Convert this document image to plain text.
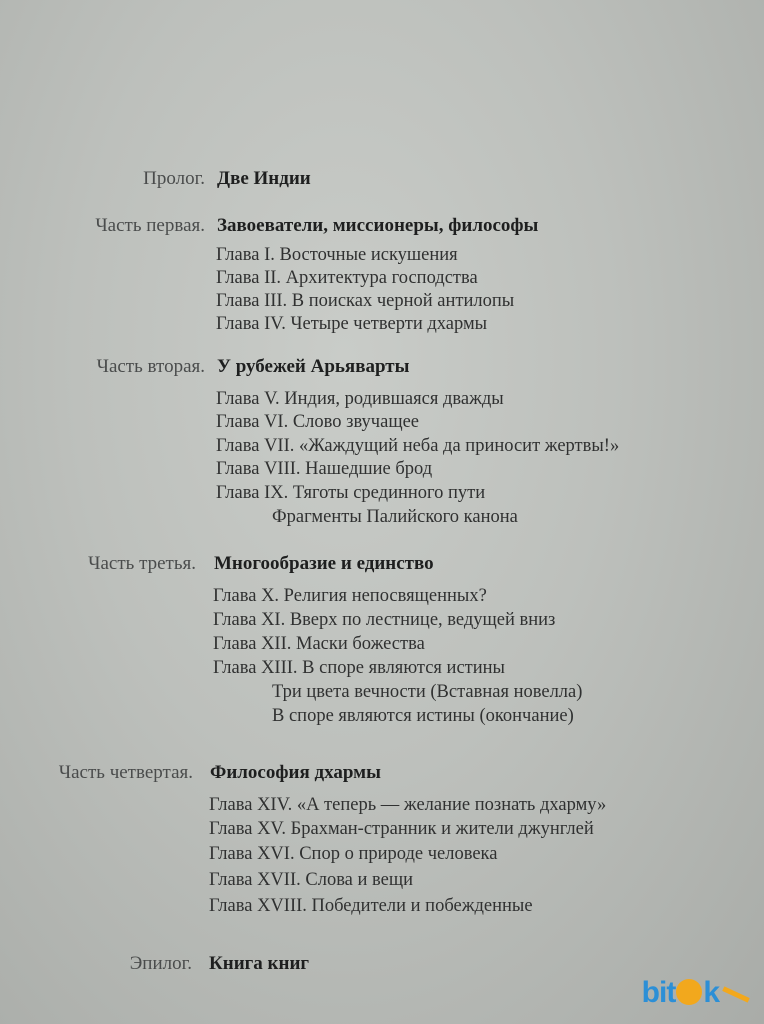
Пролог. Две Индии
Часть первая. Завоеватели, миссионеры, философы
Глава I. Восточные искушения
Глава II. Архитектура господства
Глава III. В поисках черной антилопы
Глава IV. Четыре четверти дхармы
Часть вторая. У рубежей Арьяварты
Глава V. Индия, родившаяся дважды
Глава VI. Слово звучащее
Глава VII. «Жаждущий неба да приносит жертвы!»
Глава VIII. Нашедшие брод
Глава IX. Тяготы срединного пути
Фрагменты Палийского канона
Часть третья. Многообразие и единство
Глава X. Религия непосвященных?
Глава XI. Вверх по лестнице, ведущей вниз
Глава XII. Маски божества
Глава XIII. В споре являются истины
Три цвета вечности (Вставная новелла)
В споре являются истины (окончание)
Часть четвертая. Философия дхармы
Глава XIV. «А теперь — желание познать дхарму»
Глава XV. Брахман-странник и жители джунглей
Глава XVI. Спор о природе человека
Глава XVII. Слова и вещи
Глава XVIII. Победители и побежденные
Эпилог. Книга книг
bit k
